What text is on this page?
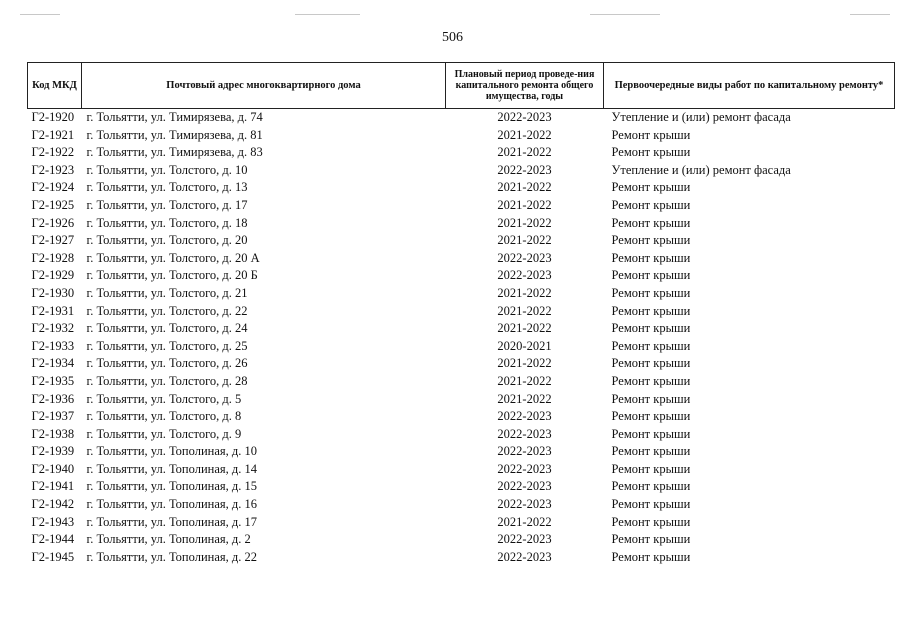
506
Код МКД	Почтовый адрес многоквартирного дома	Плановый период проведе-ния капитального ремонта общего имущества, годы	Первоочередные виды работ по капитальному ремонту*
Г2-1920	г. Тольятти, ул. Тимирязева, д. 74	2022-2023	Утепление и (или) ремонт фасада
Г2-1921	г. Тольятти, ул. Тимирязева, д. 81	2021-2022	Ремонт крыши
Г2-1922	г. Тольятти, ул. Тимирязева, д. 83	2021-2022	Ремонт крыши
Г2-1923	г. Тольятти, ул. Толстого, д. 10	2022-2023	Утепление и (или) ремонт фасада
Г2-1924	г. Тольятти, ул. Толстого, д. 13	2021-2022	Ремонт крыши
Г2-1925	г. Тольятти, ул. Толстого, д. 17	2021-2022	Ремонт крыши
Г2-1926	г. Тольятти, ул. Толстого, д. 18	2021-2022	Ремонт крыши
Г2-1927	г. Тольятти, ул. Толстого, д. 20	2021-2022	Ремонт крыши
Г2-1928	г. Тольятти, ул. Толстого, д. 20 А	2022-2023	Ремонт крыши
Г2-1929	г. Тольятти, ул. Толстого, д. 20 Б	2022-2023	Ремонт крыши
Г2-1930	г. Тольятти, ул. Толстого, д. 21	2021-2022	Ремонт крыши
Г2-1931	г. Тольятти, ул. Толстого, д. 22	2021-2022	Ремонт крыши
Г2-1932	г. Тольятти, ул. Толстого, д. 24	2021-2022	Ремонт крыши
Г2-1933	г. Тольятти, ул. Толстого, д. 25	2020-2021	Ремонт крыши
Г2-1934	г. Тольятти, ул. Толстого, д. 26	2021-2022	Ремонт крыши
Г2-1935	г. Тольятти, ул. Толстого, д. 28	2021-2022	Ремонт крыши
Г2-1936	г. Тольятти, ул. Толстого, д. 5	2021-2022	Ремонт крыши
Г2-1937	г. Тольятти, ул. Толстого, д. 8	2022-2023	Ремонт крыши
Г2-1938	г. Тольятти, ул. Толстого, д. 9	2022-2023	Ремонт крыши
Г2-1939	г. Тольятти, ул. Тополиная, д. 10	2022-2023	Ремонт крыши
Г2-1940	г. Тольятти, ул. Тополиная, д. 14	2022-2023	Ремонт крыши
Г2-1941	г. Тольятти, ул. Тополиная, д. 15	2022-2023	Ремонт крыши
Г2-1942	г. Тольятти, ул. Тополиная, д. 16	2022-2023	Ремонт крыши
Г2-1943	г. Тольятти, ул. Тополиная, д. 17	2021-2022	Ремонт крыши
Г2-1944	г. Тольятти, ул. Тополиная, д. 2	2022-2023	Ремонт крыши
Г2-1945	г. Тольятти, ул. Тополиная, д. 22	2022-2023	Ремонт крыши
